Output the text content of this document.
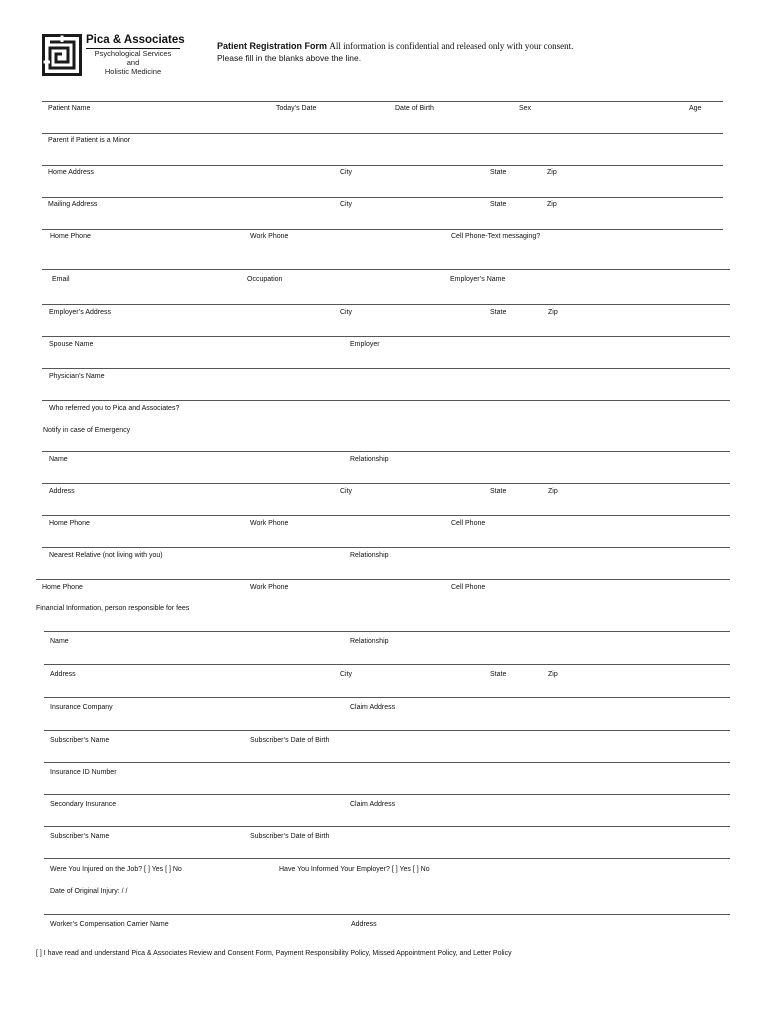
Pica & Associates
Psychological Services
and
Holistic Medicine
Patient Registration Form All information is confidential and released only with your consent.
Please fill in the blanks above the line.
Patient Name	Today’s Date	Date of Birth	Sex	Age
Parent if Patient is a Minor
Home Address	City	State	Zip
Mailing Address	City	State	Zip
Home Phone	Work Phone	Cell Phone-Text messaging?
Email	Occupation	Employer’s Name
Employer’s Address	City	State	Zip
Spouse Name	Employer
Physician’s Name
Who referred you to Pica and Associates?
Notify in case of Emergency
Name	Relationship
Address	City	State	Zip
Home Phone	Work Phone	Cell Phone
Nearest Relative (not living with you)	Relationship
Home Phone	Work Phone	Cell Phone
Financial Information, person responsible for fees
Name	Relationship
Address	City	State	Zip
Insurance Company	Claim Address
Subscriber’s Name	Subscriber’s Date of Birth
Insurance ID Number
Secondary Insurance	Claim Address
Subscriber’s Name	Subscriber’s Date of Birth
Were You Injured on the Job? [ ] Yes [ ] No	Have You Informed Your Employer? [ ] Yes [ ] No
Date of Original Injury: / /
Worker’s Compensation Carrier Name	Address
[ ] I have read and understand Pica & Associates Review and Consent Form, Payment Responsibility Policy, Missed Appointment Policy, and Letter Policy
